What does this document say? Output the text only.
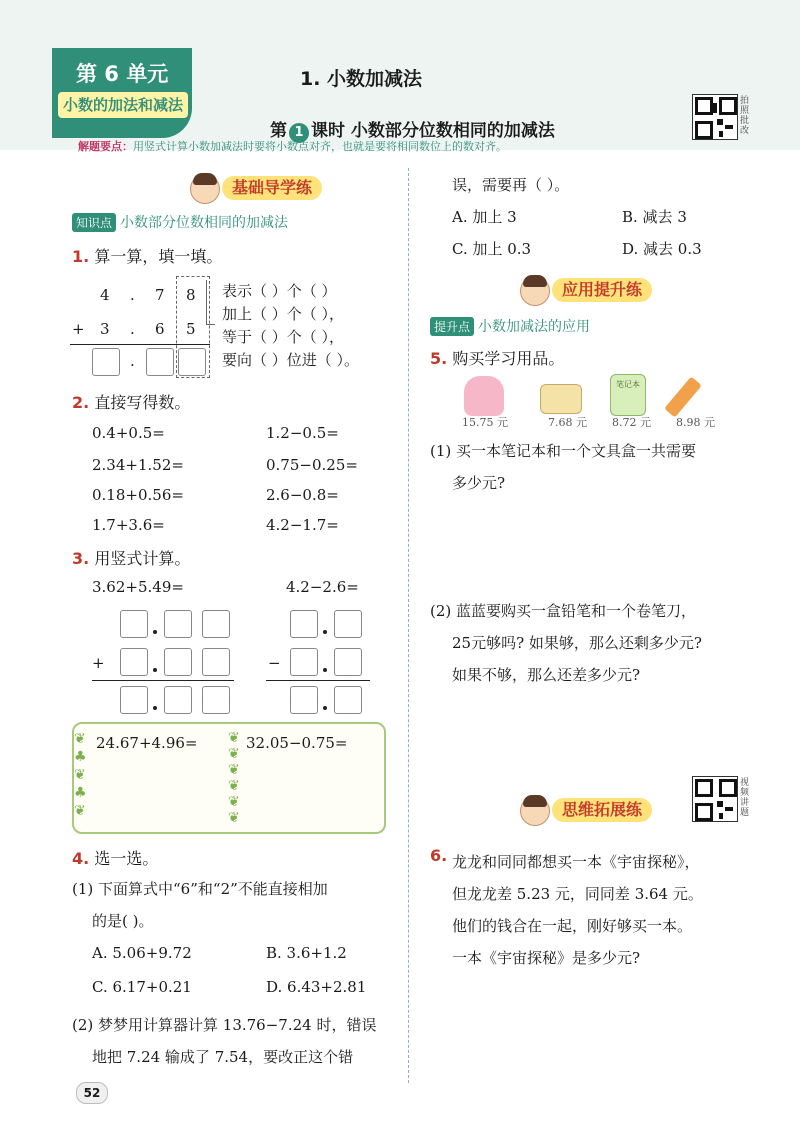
第 6 单元
小数的加法和减法
1. 小数加减法
第 1 课时 小数部分位数相同的加减法
拍照批改
解题要点：用竖式计算小数加减法时要将小数点对齐，也就是要将相同数位上的数对齐。
基础导学练
知识点 小数部分位数相同的加减法
1. 算一算，填一填。
4 . 7 8
+ 3 . 6 5
.
表示（ ）个（ ）
加上（ ）个（ ），
等于（ ）个（ ），
要向（ ）位进（ ）。
2. 直接写得数。
0.4+0.5=	1.2−0.5=
2.34+1.52=	0.75−0.25=
0.18+0.56=	2.6−0.8=
1.7+3.6=	4.2−1.7=
3. 用竖式计算。
3.62+5.49=	4.2−2.6=
+	−
❦
♣
❦
♣
❦
❦
❦
❦
❦
❦
❦
24.67+4.96=	32.05−0.75=
4. 选一选。
(1) 下面算式中“6”和“2”不能直接相加
的是( )。
A. 5.06+9.72	B. 3.6+1.2
C. 6.17+0.21	D. 6.43+2.81
(2) 梦梦用计算器计算 13.76−7.24 时，错误
地把 7.24 输成了 7.54，要改正这个错
52
误，需要再（ ）。
A. 加上 3	B. 减去 3
C. 加上 0.3	D. 减去 0.3
应用提升练
提升点 小数加减法的应用
5. 购买学习用品。
15.75 元	7.68 元
笔记本
8.72 元 8.98 元
(1) 买一本笔记本和一个文具盒一共需要
多少元?
(2) 蓝蓝要购买一盒铅笔和一个卷笔刀，
25元够吗? 如果够，那么还剩多少元?
如果不够，那么还差多少元?
视频讲题
思维拓展练
6. 龙龙和同同都想买一本《宇宙探秘》，
但龙龙差 5.23 元，同同差 3.64 元。
他们的钱合在一起，刚好够买一本。
一本《宇宙探秘》是多少元?
